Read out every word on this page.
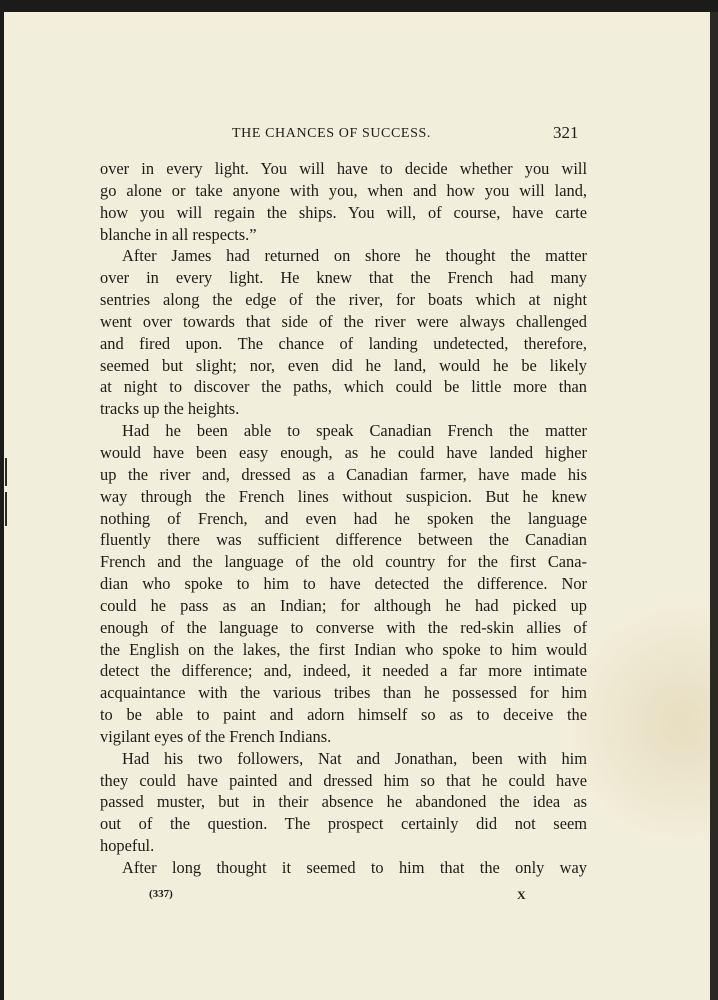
THE CHANCES OF SUCCESS.	321
over in every light. You will have to decide whether you will
go alone or take anyone with you, when and how you will land,
how you will regain the ships. You will, of course, have carte
blanche in all respects.”
After James had returned on shore he thought the matter
over in every light. He knew that the French had many
sentries along the edge of the river, for boats which at night
went over towards that side of the river were always challenged
and fired upon. The chance of landing undetected, therefore,
seemed but slight; nor, even did he land, would he be likely
at night to discover the paths, which could be little more than
tracks up the heights.
Had he been able to speak Canadian French the matter
would have been easy enough, as he could have landed higher
up the river and, dressed as a Canadian farmer, have made his
way through the French lines without suspicion. But he knew
nothing of French, and even had he spoken the language
fluently there was sufficient difference between the Canadian
French and the language of the old country for the first Cana-
dian who spoke to him to have detected the difference. Nor
could he pass as an Indian; for although he had picked up
enough of the language to converse with the red-skin allies of
the English on the lakes, the first Indian who spoke to him would
detect the difference; and, indeed, it needed a far more intimate
acquaintance with the various tribes than he possessed for him
to be able to paint and adorn himself so as to deceive the
vigilant eyes of the French Indians.
Had his two followers, Nat and Jonathan, been with him
they could have painted and dressed him so that he could have
passed muster, but in their absence he abandoned the idea as
out of the question. The prospect certainly did not seem
hopeful.
After long thought it seemed to him that the only way
(337)	X
